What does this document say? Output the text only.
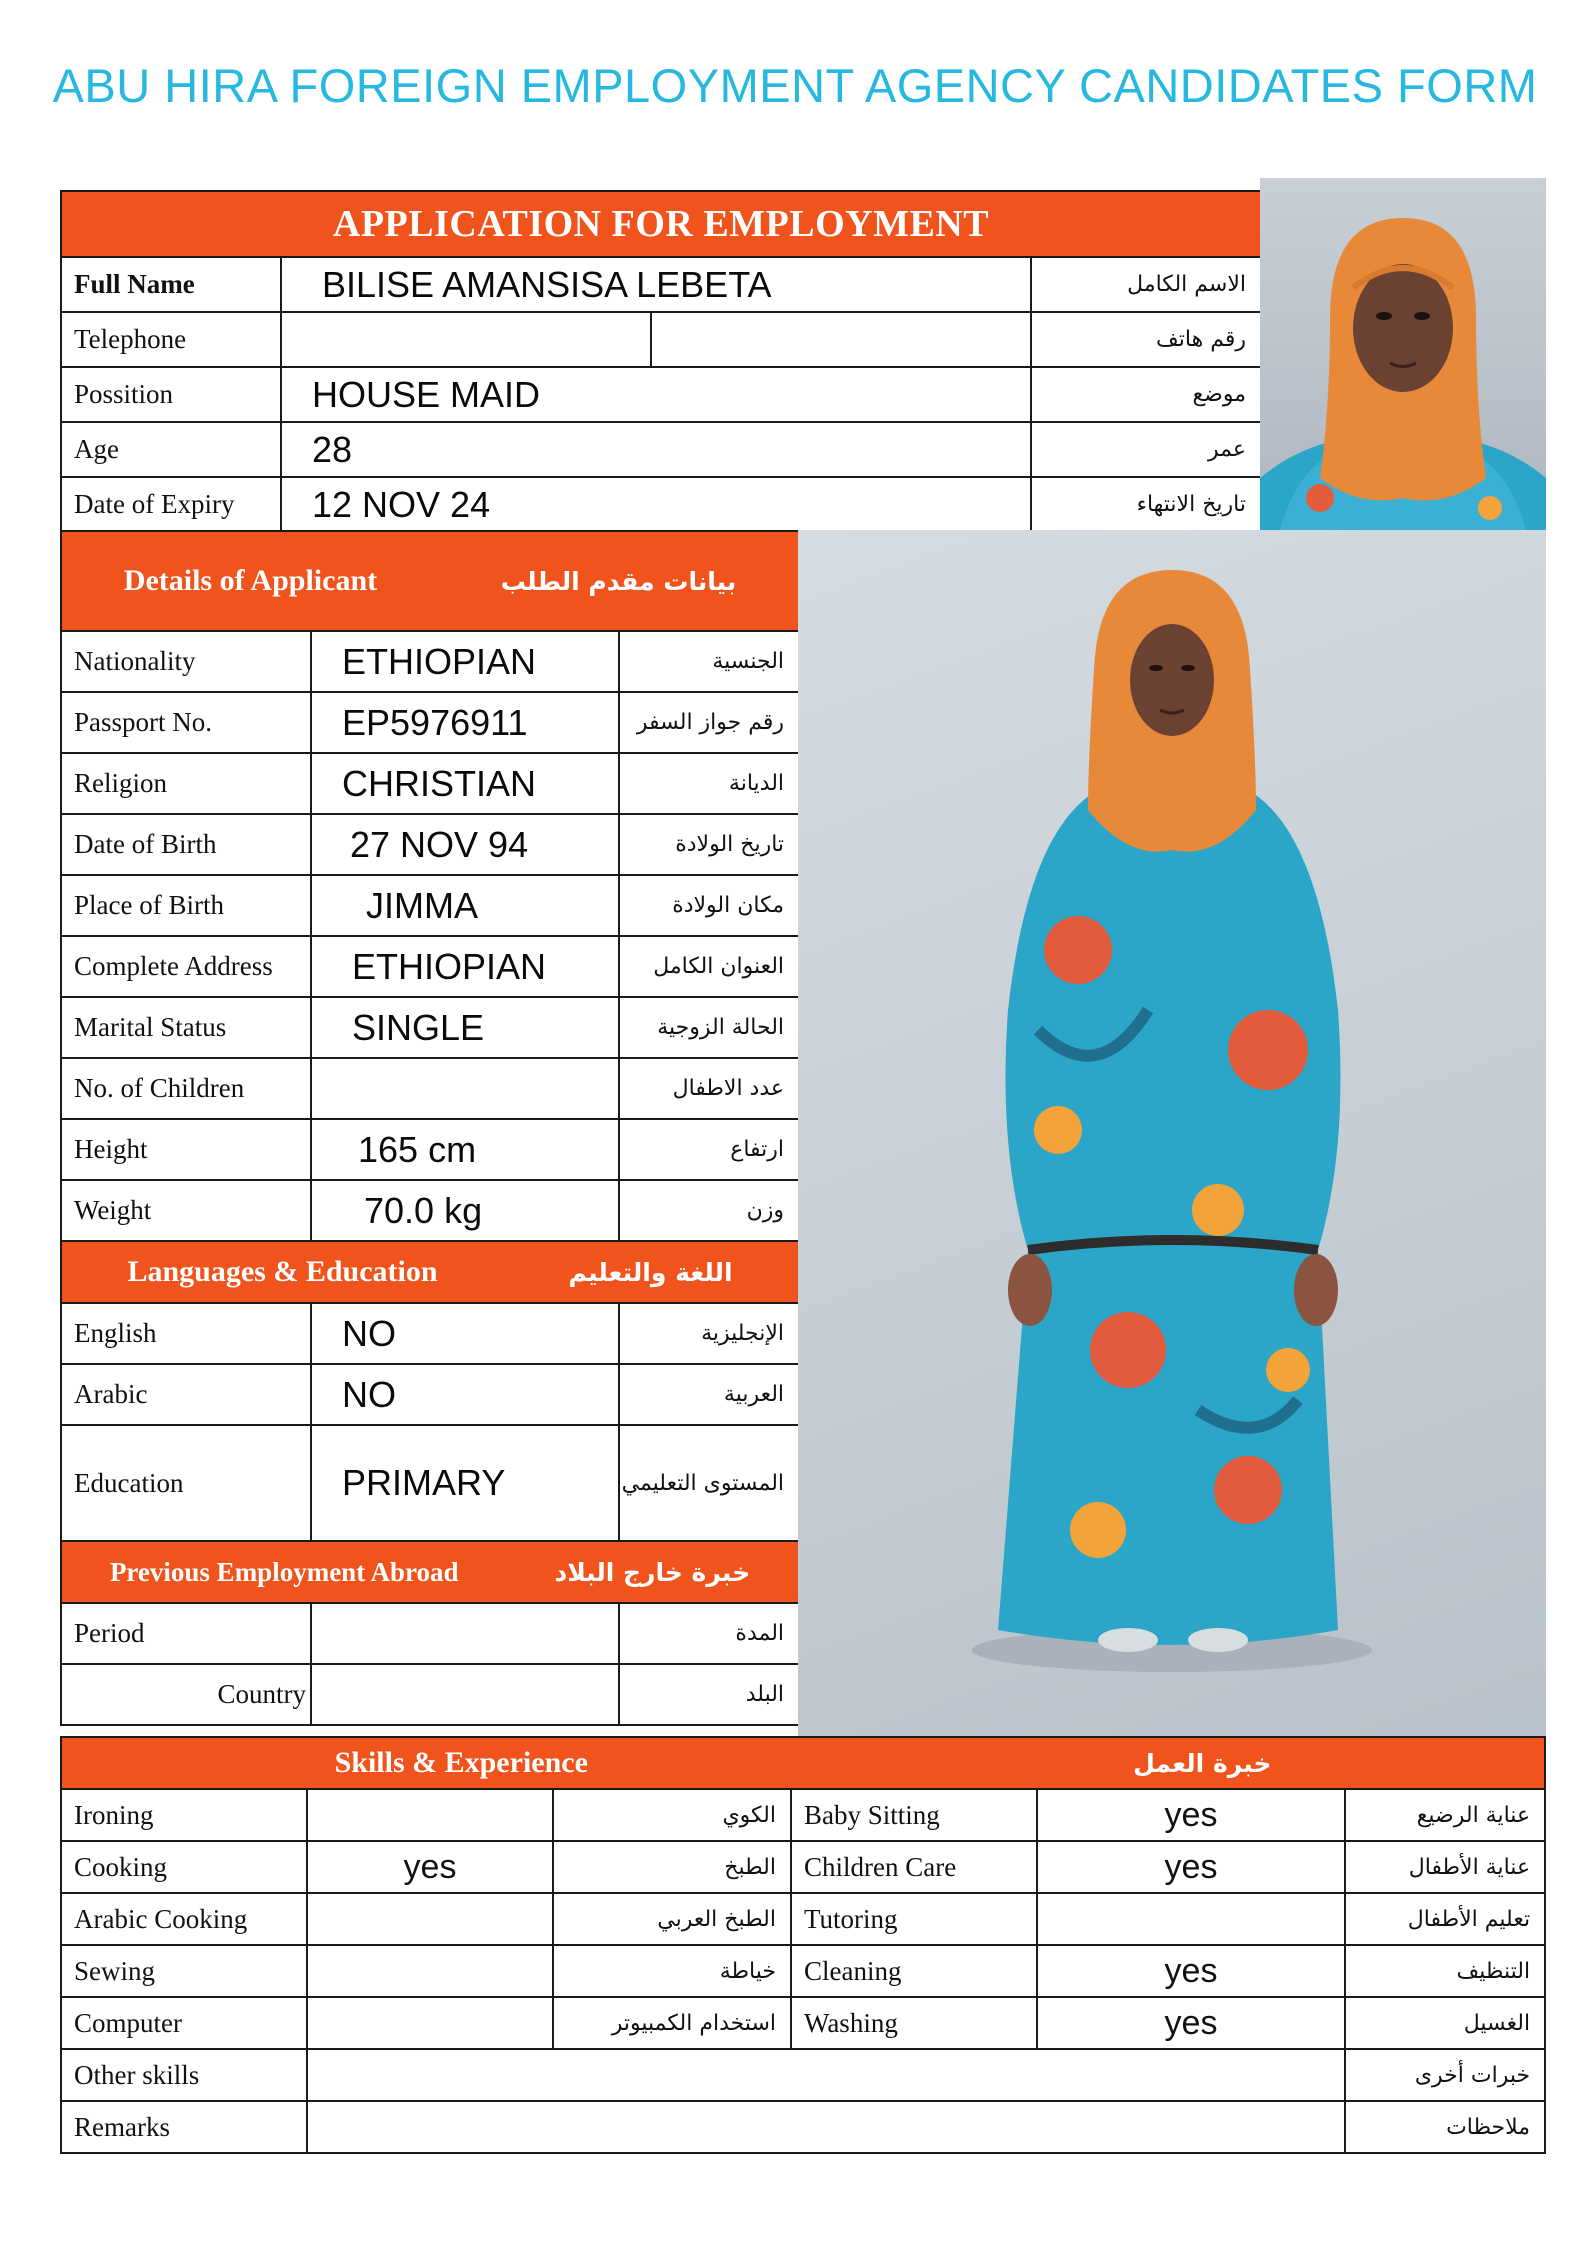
ABU HIRA FOREIGN EMPLOYMENT AGENCY CANDIDATES FORM
APPLICATION FOR EMPLOYMENT			
Full Name	BILISE AMANSISA LEBETA		الاسم الكامل
Telephone			رقم هاتف
Possition	HOUSE MAID		موضع
Age	28		عمر
Date of Expiry	12 NOV 24		تاريخ الانتهاء
Details of Applicant بيانات مقدم الطلب		

Nationality	ETHIOPIAN	الجنسية
Passport No.	EP5976911	رقم جواز السفر
Religion	CHRISTIAN	الديانة
Date of Birth	27 NOV 94	تاريخ الولادة
Place of Birth	JIMMA	مكان الولادة
Complete Address	ETHIOPIAN	العنوان الكامل
Marital Status	SINGLE	الحالة الزوجية
No. of Children		عدد الاطفال
Height	165 cm	ارتفاع
Weight	70.0 kg	وزن

Languages & Education اللغة والتعليم		

English	NO	الإنجليزية
Arabic	NO	العربية
Education	PRIMARY	المستوى التعليمي

Previous Employment Abroad خبرة خارج البلاد		

Period		المدة
Country		البلد
Skills & Experience خبرة العمل					

Ironing		الكوي	Baby Sitting	yes	عناية الرضيع
Cooking	yes	الطبخ	Children Care	yes	عناية الأطفال
Arabic Cooking		الطبخ العربي	Tutoring		تعليم الأطفال
Sewing		خياطة	Cleaning	yes	التنظيف
Computer		استخدام الكمبيوتر	Washing	yes	الغسيل
Other skills					خبرات أخرى
Remarks					ملاحظات
